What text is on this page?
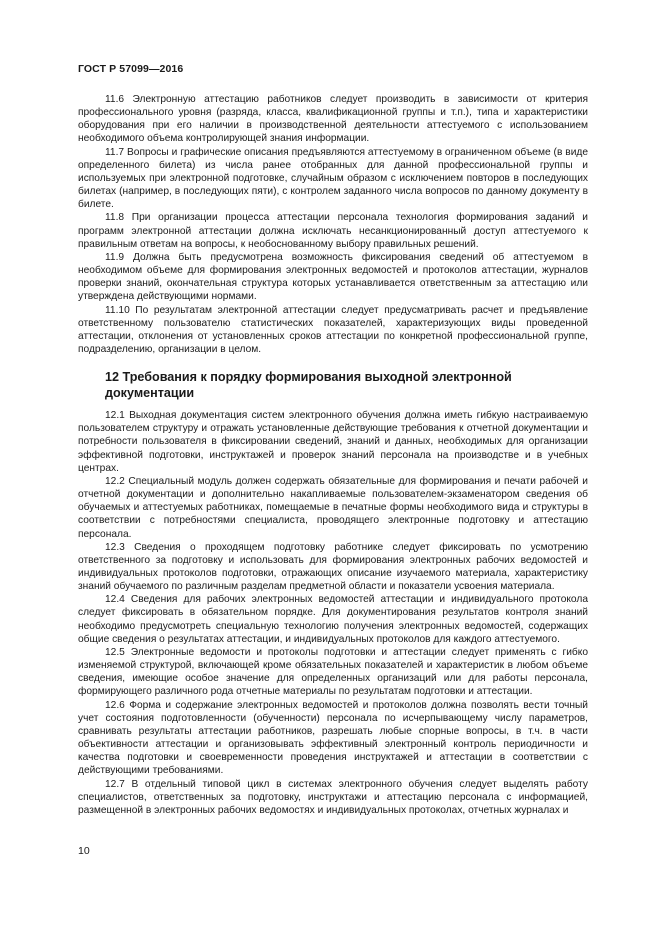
ГОСТ Р 57099—2016

11.6 Электронную аттестацию работников следует производить в зависимости от критерия профессионального уровня (разряда, класса, квалификационной группы и т.п.), типа и характеристики оборудования при его наличии в производственной деятельности аттестуемого с использованием необходимого объема контролирующей знания информации.

11.7 Вопросы и графические описания предъявляются аттестуемому в ограниченном объеме (в виде определенного билета) из числа ранее отобранных для данной профессиональной группы и используемых при электронной подготовке, случайным образом с исключением повторов в последующих билетах (например, в последующих пяти), с контролем заданного числа вопросов по данному документу в билете.

11.8 При организации процесса аттестации персонала технология формирования заданий и программ электронной аттестации должна исключать несанкционированный доступ аттестуемого к правильным ответам на вопросы, к необоснованному выбору правильных решений.

11.9 Должна быть предусмотрена возможность фиксирования сведений об аттестуемом в необходимом объеме для формирования электронных ведомостей и протоколов аттестации, журналов проверки знаний, окончательная структура которых устанавливается ответственным за аттестацию или утверждена действующими нормами.

11.10 По результатам электронной аттестации следует предусматривать расчет и предъявление ответственному пользователю статистических показателей, характеризующих виды проведенной аттестации, отклонения от установленных сроков аттестации по конкретной профессиональной группе, подразделению, организации в целом.

12 Требования к порядку формирования выходной электронной документации

12.1 Выходная документация систем электронного обучения должна иметь гибкую настраиваемую пользователем структуру и отражать установленные действующие требования к отчетной документации и потребности пользователя в фиксировании сведений, знаний и данных, необходимых для организации эффективной подготовки, инструктажей и проверок знаний персонала на производстве и в учебных центрах.

12.2 Специальный модуль должен содержать обязательные для формирования и печати рабочей и отчетной документации и дополнительно накапливаемые пользователем-экзаменатором сведения об обучаемых и аттестуемых работниках, помещаемые в печатные формы необходимого вида и структуры в соответствии с потребностями специалиста, проводящего электронные подготовку и аттестацию персонала.

12.3 Сведения о проходящем подготовку работнике следует фиксировать по усмотрению ответственного за подготовку и использовать для формирования электронных рабочих ведомостей и индивидуальных протоколов подготовки, отражающих описание изучаемого материала, характеристику знаний обучаемого по различным разделам предметной области и показатели усвоения материала.

12.4 Сведения для рабочих электронных ведомостей аттестации и индивидуального протокола следует фиксировать в обязательном порядке. Для документирования результатов контроля знаний необходимо предусмотреть специальную технологию получения электронных ведомостей, содержащих общие сведения о результатах аттестации, и индивидуальных протоколов для каждого аттестуемого.

12.5 Электронные ведомости и протоколы подготовки и аттестации следует применять с гибко изменяемой структурой, включающей кроме обязательных показателей и характеристик в любом объеме сведения, имеющие особое значение для определенных организаций или для работы персонала, формирующего различного рода отчетные материалы по результатам подготовки и аттестации.

12.6 Форма и содержание электронных ведомостей и протоколов должна позволять вести точный учет состояния подготовленности (обученности) персонала по исчерпывающему числу параметров, сравнивать результаты аттестации работников, разрешать любые спорные вопросы, в т.ч. в части объективности аттестации и организовывать эффективный электронный контроль периодичности и качества подготовки и своевременности проведения инструктажей и аттестации в соответствии с действующими требованиями.

12.7 В отдельный типовой цикл в системах электронного обучения следует выделять работу специалистов, ответственных за подготовку, инструктажи и аттестацию персонала с информацией, размещенной в электронных рабочих ведомостях и индивидуальных протоколах, отчетных журналах и

10
